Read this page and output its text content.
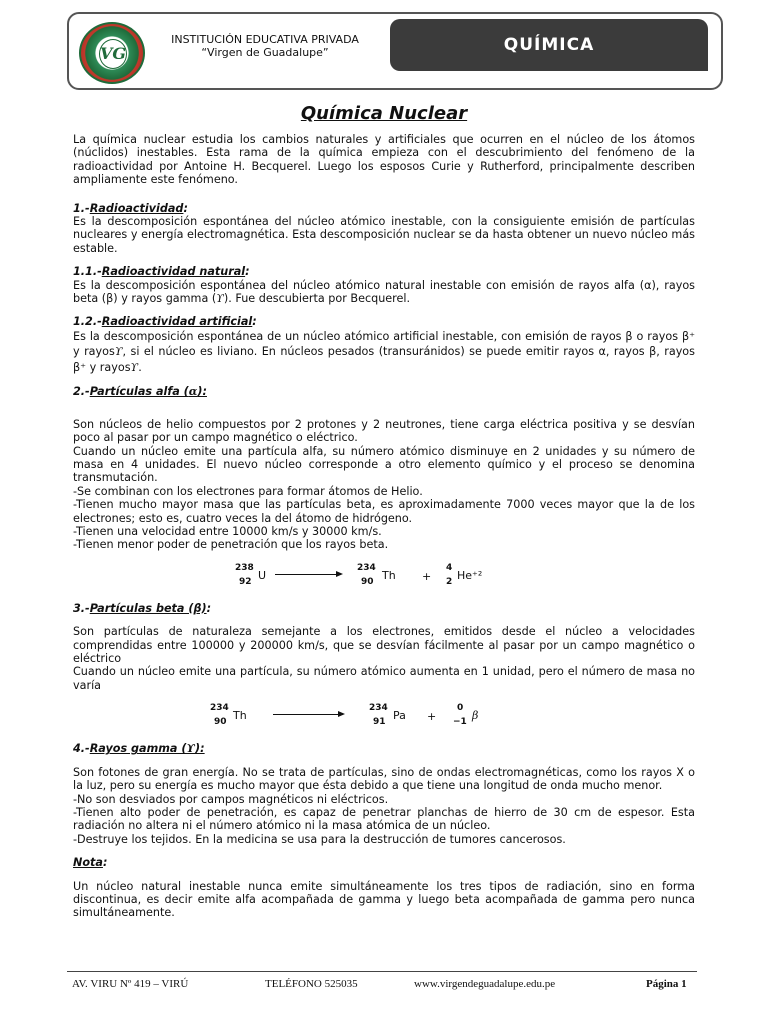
VG
INSTITUCIÓN EDUCATIVA PRIVADA
“Virgen de Guadalupe”	QUÍMICA
Química Nuclear

La química nuclear estudia los cambios naturales y artificiales que ocurren en el núcleo de los átomos (núclidos) inestables. Esta rama de la química empieza con el descubrimiento del fenómeno de la radioactividad por Antoine H. Becquerel. Luego los esposos Curie y Rutherford, principalmente describen ampliamente este fenómeno.

1.-Radioactividad:

Es la descomposición espontánea del núcleo atómico inestable, con la consiguiente emisión de partículas nucleares y energía electromagnética. Esta descomposición nuclear se da hasta obtener un nuevo núcleo más estable.

1.1.-Radioactividad natural:

Es la descomposición espontánea del núcleo atómico natural inestable con emisión de rayos alfa (α), rayos beta (β) y rayos gamma (ϒ). Fue descubierta por Becquerel.

1.2.-Radioactividad artificial:

Es la descomposición espontánea de un núcleo atómico artificial inestable, con emisión de rayos β o rayos β⁺ y rayosϒ, si el núcleo es liviano. En núcleos pesados (transuránidos) se puede emitir rayos α, rayos β, rayos β⁺ y rayosϒ.

2.-Partículas alfa (α):

Son núcleos de helio compuestos por 2 protones y 2 neutrones, tiene carga eléctrica positiva y se desvían poco al pasar por un campo magnético o eléctrico.

Cuando un núcleo emite una partícula alfa, su número atómico disminuye en 2 unidades y su número de masa en 4 unidades. El nuevo núcleo corresponde a otro elemento químico y el proceso se denomina transmutación.

-Se combinan con los electrones para formar átomos de Helio.

-Tienen mucho mayor masa que las partículas beta, es aproximadamente 7000 veces mayor que la de los electrones; esto es, cuatro veces la del átomo de hidrógeno.

-Tienen una velocidad entre 10000 km/s y 30000 km/s.

-Tienen menor poder de penetración que los rayos beta.

238
92 U
234
90 Th +
4
2 He⁺²

3.-Partículas beta (β):

Son partículas de naturaleza semejante a los electrones, emitidos desde el núcleo a velocidades comprendidas entre 100000 y 200000 km/s, que se desvían fácilmente al pasar por un campo magnético o eléctrico

Cuando un núcleo emite una partícula, su número atómico aumenta en 1 unidad, pero el número de masa no varía

234
90 Th
234
91 Pa +
0
−1 β

4.-Rayos gamma (ϒ):

Son fotones de gran energía. No se trata de partículas, sino de ondas electromagnéticas, como los rayos X o la luz, pero su energía es mucho mayor que ésta debido a que tiene una longitud de onda mucho menor.

-No son desviados por campos magnéticos ni eléctricos.

-Tienen alto poder de penetración, es capaz de penetrar planchas de hierro de 30 cm de espesor. Esta radiación no altera ni el número atómico ni la masa atómica de un núcleo.

-Destruye los tejidos. En la medicina se usa para la destrucción de tumores cancerosos.

Nota:

Un núcleo natural inestable nunca emite simultáneamente los tres tipos de radiación, sino en forma discontinua, es decir emite alfa acompañada de gamma y luego beta acompañada de gamma pero nunca simultáneamente.

AV. VIRU Nº 419 – VIRÚ	TELÉFONO 525035	www.virgendeguadalupe.edu.pe	Página 1
